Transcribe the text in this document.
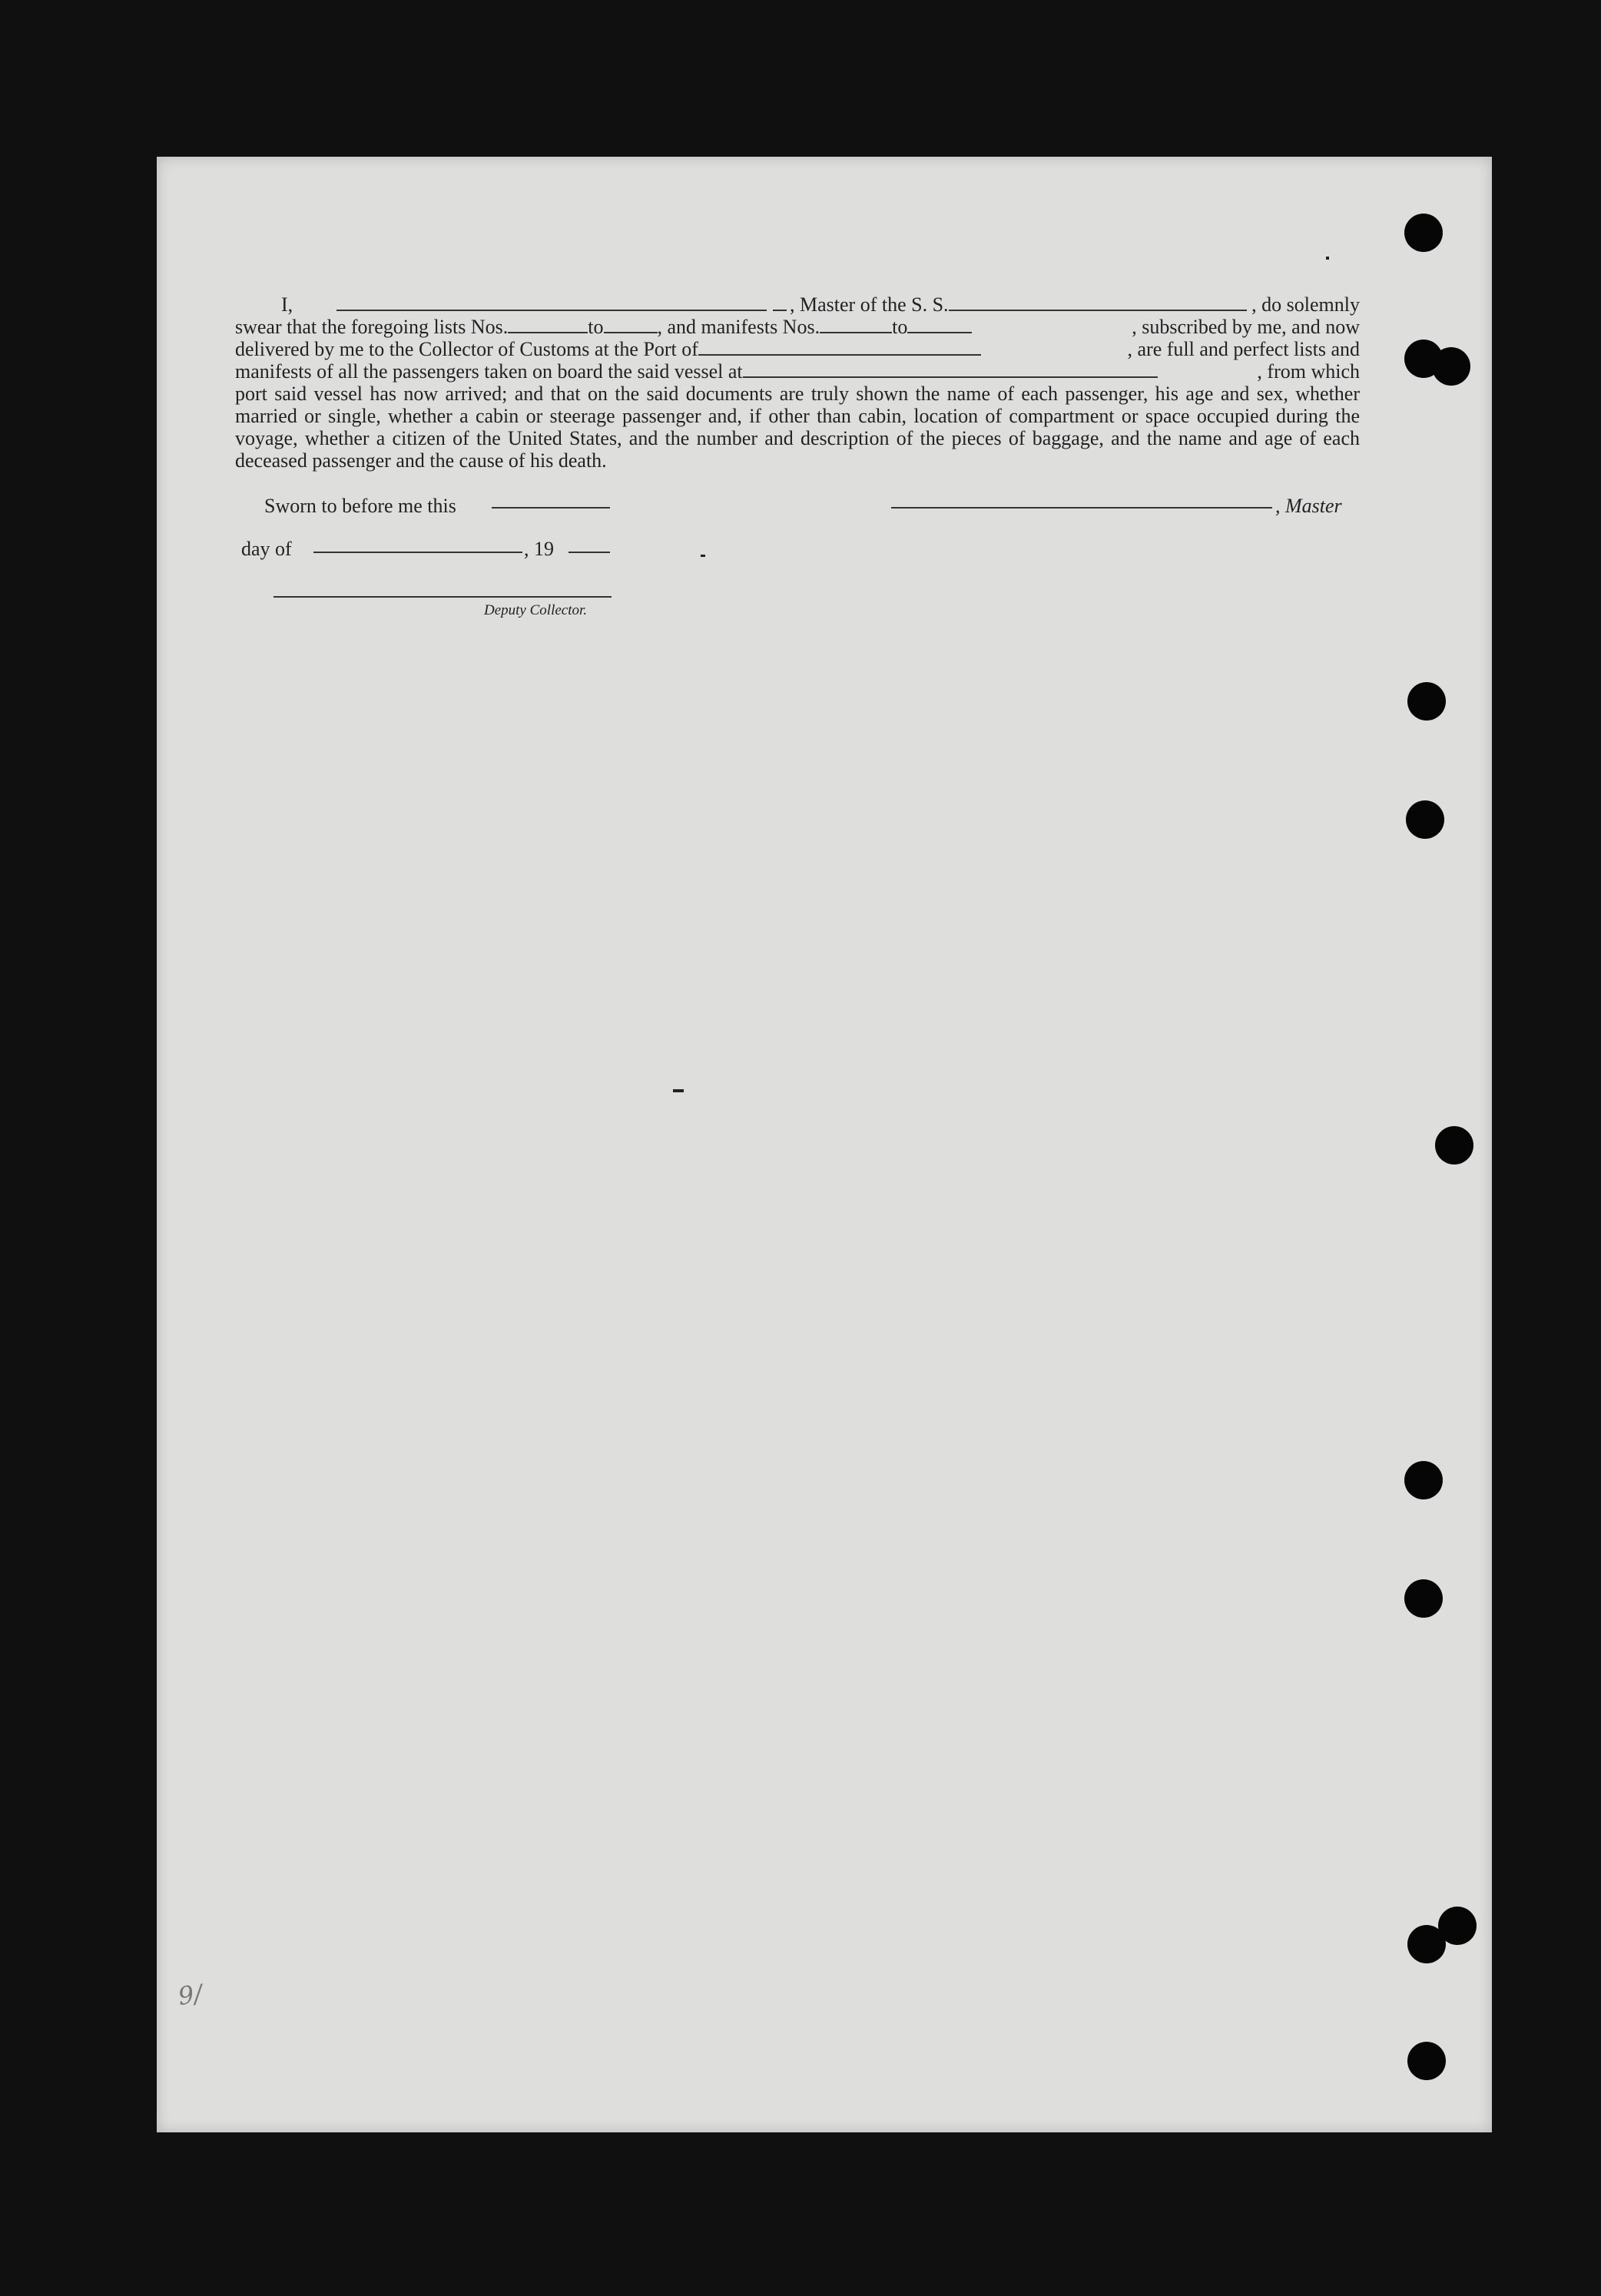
I,	, Master of the S. S.	, do solemnly
swear that the foregoing lists Nos.	to	, and manifests Nos.	to	, subscribed by me, and now
delivered by me to the Collector of Customs at the Port of	, are full and perfect lists and
manifests of all the passengers taken on board the said vessel at	, from which

port said vessel has now arrived; and that on the said documents are truly shown the name of each passenger, his age and sex, whether married or single, whether a cabin or steerage passenger and, if other than cabin, location of compartment or space occupied during the voyage, whether a citizen of the United States, and the number and description of the pieces of baggage, and the name and age of each deceased passenger and the cause of his death.

Sworn to before me this	, Master
day of	, 19
Deputy Collector.
9/
